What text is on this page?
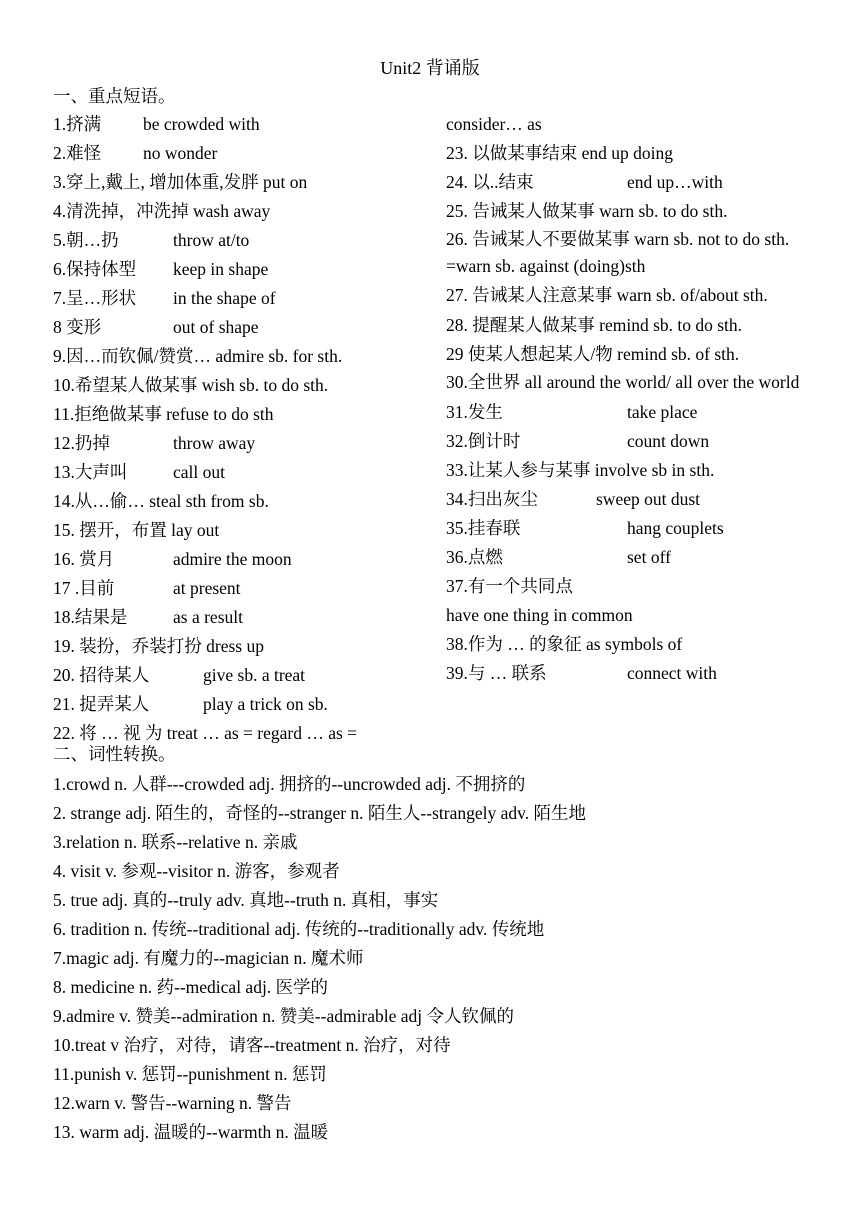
Unit2 背诵版
一、重点短语。
1.挤满 be crowded with
2.难怪 no wonder
3.穿上,戴上, 增加体重,发胖 put on
4.清洗掉，冲洗掉 wash away
5.朝…扔	throw at/to
6.保持体型 keep in shape
7.呈…形状 in the shape of
8 变形	out of shape
9.因…而钦佩/赞赏… admire sb. for sth.
10.希望某人做某事 wish sb. to do sth.
11.拒绝做某事 refuse to do sth
12.扔掉	throw away
13.大声叫	call out
14.从…偷… steal sth from sb.
15. 摆开，布置 lay out
16. 赏月	admire the moon
17 .目前	at present
18.结果是	as a result
19. 装扮，乔装打扮 dress up
20. 招待某人	give sb. a treat
21. 捉弄某人	play a trick on sb.
22. 将 … 视 为 treat … as = regard … as =
consider… as
23. 以做某事结束 end up doing
24. 以..结束	end up…with
25. 告诫某人做某事 warn sb. to do sth.
26. 告诫某人不要做某事 warn sb. not to do sth. =warn sb. against (doing)sth
27. 告诫某人注意某事 warn sb. of/about sth.
28. 提醒某人做某事 remind sb. to do sth.
29 使某人想起某人/物 remind sb. of sth.
30.全世界 all around the world/ all over the world
31.发生	take place
32.倒计时	count down
33.让某人参与某事 involve sb in sth.
34.扫出灰尘	sweep out dust
35.挂春联	hang couplets
36.点燃	set off
37.有一个共同点
have one thing in common
38.作为 … 的象征 as symbols of
39.与 … 联系	connect with
二、词性转换。
1.crowd n. 人群---crowded adj. 拥挤的--uncrowded adj. 不拥挤的
2. strange adj. 陌生的，奇怪的--stranger n. 陌生人--strangely adv. 陌生地
3.relation n. 联系--relative n. 亲戚
4. visit v. 参观--visitor n. 游客，参观者
5. true adj. 真的--truly adv. 真地--truth n. 真相，事实
6. tradition n. 传统--traditional adj. 传统的--traditionally adv. 传统地
7.magic adj. 有魔力的--magician n. 魔术师
8. medicine n. 药--medical adj. 医学的
9.admire v. 赞美--admiration n. 赞美--admirable adj 令人钦佩的
10.treat v 治疗，对待，请客--treatment n. 治疗，对待
11.punish v. 惩罚--punishment n. 惩罚
12.warn v. 警告--warning n. 警告
13. warm adj. 温暖的--warmth n. 温暖
